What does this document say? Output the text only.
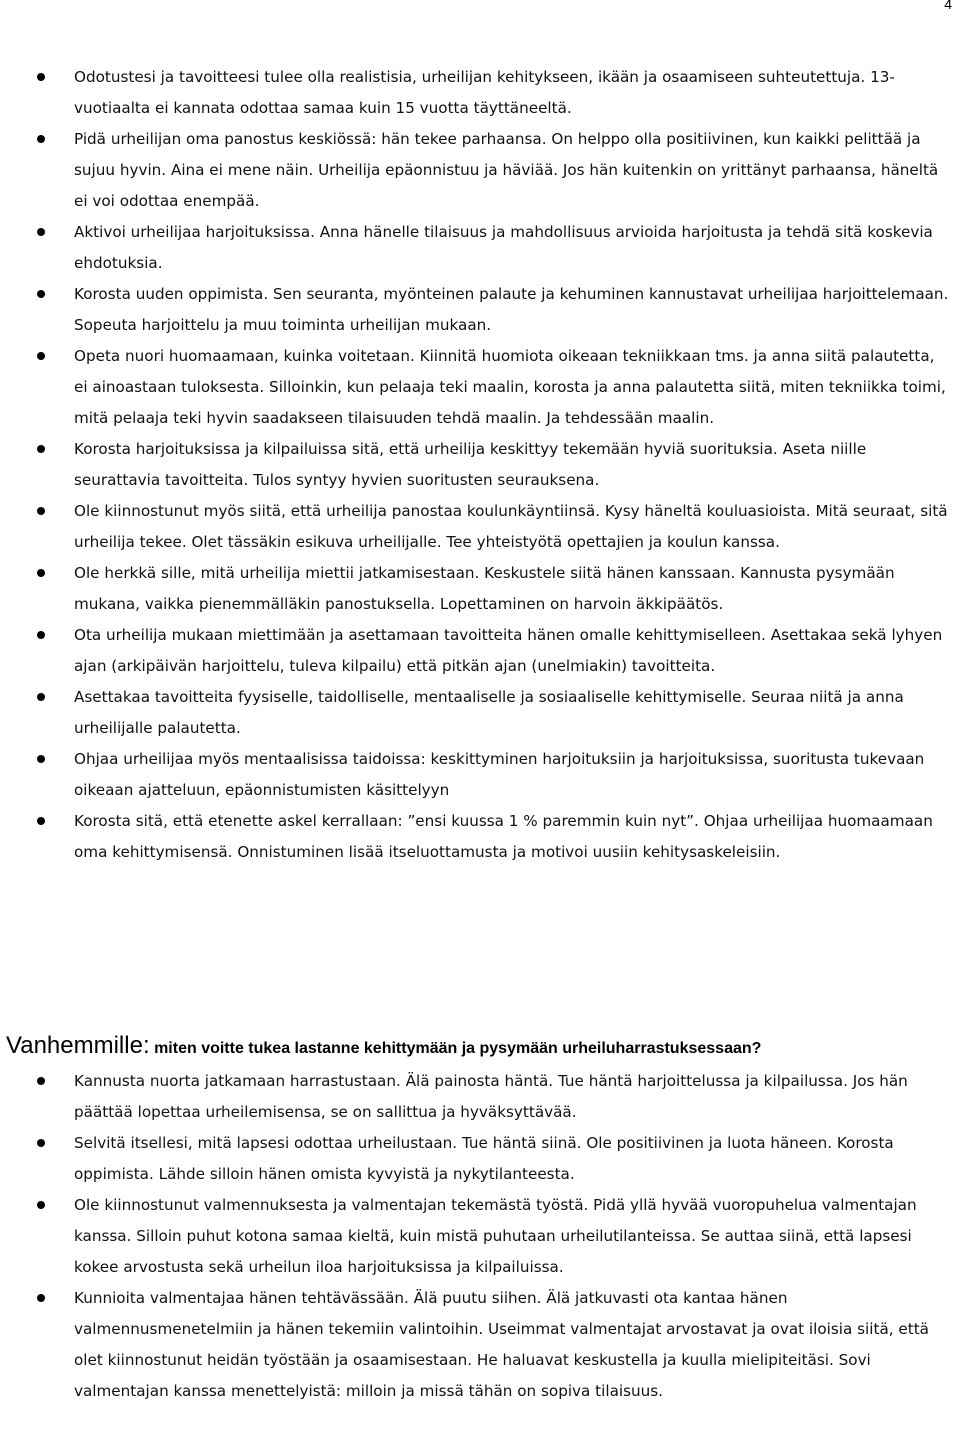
4
Odotustesi ja tavoitteesi tulee olla realistisia, urheilijan kehitykseen, ikään ja osaamiseen suhteutettuja. 13-vuotiaalta ei kannata odottaa samaa kuin 15 vuotta täyttäneeltä.
Pidä urheilijan oma panostus keskiössä: hän tekee parhaansa. On helppo olla positiivinen, kun kaikki pelittää ja sujuu hyvin. Aina ei mene näin. Urheilija epäonnistuu ja häviää. Jos hän kuitenkin on yrittänyt parhaansa, häneltä ei voi odottaa enempää.
Aktivoi urheilijaa harjoituksissa. Anna hänelle tilaisuus ja mahdollisuus arvioida harjoitusta ja tehdä sitä koskevia ehdotuksia.
Korosta uuden oppimista. Sen seuranta, myönteinen palaute ja kehuminen kannustavat urheilijaa harjoittelemaan. Sopeuta harjoittelu ja muu toiminta urheilijan mukaan.
Opeta nuori huomaamaan, kuinka voitetaan. Kiinnitä huomiota oikeaan tekniikkaan tms. ja anna siitä palautetta, ei ainoastaan tuloksesta. Silloinkin, kun pelaaja teki maalin, korosta ja anna palautetta siitä, miten tekniikka toimi, mitä pelaaja teki hyvin saadakseen tilaisuuden tehdä maalin. Ja tehdessään maalin.
Korosta harjoituksissa ja kilpailuissa sitä, että urheilija keskittyy tekemään hyviä suorituksia. Aseta niille seurattavia tavoitteita. Tulos syntyy hyvien suoritusten seurauksena.
Ole kiinnostunut myös siitä, että urheilija panostaa koulunkäyntiinsä. Kysy häneltä kouluasioista. Mitä seuraat, sitä urheilija tekee. Olet tässäkin esikuva urheilijalle. Tee yhteistyötä opettajien ja koulun kanssa.
Ole herkkä sille, mitä urheilija miettii jatkamisestaan. Keskustele siitä hänen kanssaan. Kannusta pysymään mukana, vaikka pienemmälläkin panostuksella. Lopettaminen on harvoin äkkipäätös.
Ota urheilija mukaan miettimään ja asettamaan tavoitteita hänen omalle kehittymiselleen. Asettakaa sekä lyhyen ajan (arkipäivän harjoittelu, tuleva kilpailu) että pitkän ajan (unelmiakin) tavoitteita.
Asettakaa tavoitteita fyysiselle, taidolliselle, mentaaliselle ja sosiaaliselle kehittymiselle. Seuraa niitä ja anna urheilijalle palautetta.
Ohjaa urheilijaa myös mentaalisissa taidoissa: keskittyminen harjoituksiin ja harjoituksissa, suoritusta tukevaan oikeaan ajatteluun, epäonnistumisten käsittelyyn
Korosta sitä, että etenette askel kerrallaan: ”ensi kuussa 1 % paremmin kuin nyt”. Ohjaa urheilijaa huomaamaan oma kehittymisensä. Onnistuminen lisää itseluottamusta ja motivoi uusiin kehitysaskeleisiin.
Vanhemmille: miten voitte tukea lastanne kehittymään ja pysymään urheiluharrastuksessaan?
Kannusta nuorta jatkamaan harrastustaan. Älä painosta häntä. Tue häntä harjoittelussa ja kilpailussa. Jos hän päättää lopettaa urheilemisensa, se on sallittua ja hyväksyttävää.
Selvitä itsellesi, mitä lapsesi odottaa urheilustaan. Tue häntä siinä. Ole positiivinen ja luota häneen. Korosta oppimista. Lähde silloin hänen omista kyvyistä ja nykytilanteesta.
Ole kiinnostunut valmennuksesta ja valmentajan tekemästä työstä. Pidä yllä hyvää vuoropuhelua valmentajan kanssa. Silloin puhut kotona samaa kieltä, kuin mistä puhutaan urheilutilanteissa. Se auttaa siinä, että lapsesi kokee arvostusta sekä urheilun iloa harjoituksissa ja kilpailuissa.
Kunnioita valmentajaa hänen tehtävässään. Älä puutu siihen. Älä jatkuvasti ota kantaa hänen valmennusmenetelmiin ja hänen tekemiin valintoihin. Useimmat valmentajat arvostavat ja ovat iloisia siitä, että olet kiinnostunut heidän työstään ja osaamisestaan. He haluavat keskustella ja kuulla mielipiteitäsi. Sovi valmentajan kanssa menettelyistä: milloin ja missä tähän on sopiva tilaisuus.
